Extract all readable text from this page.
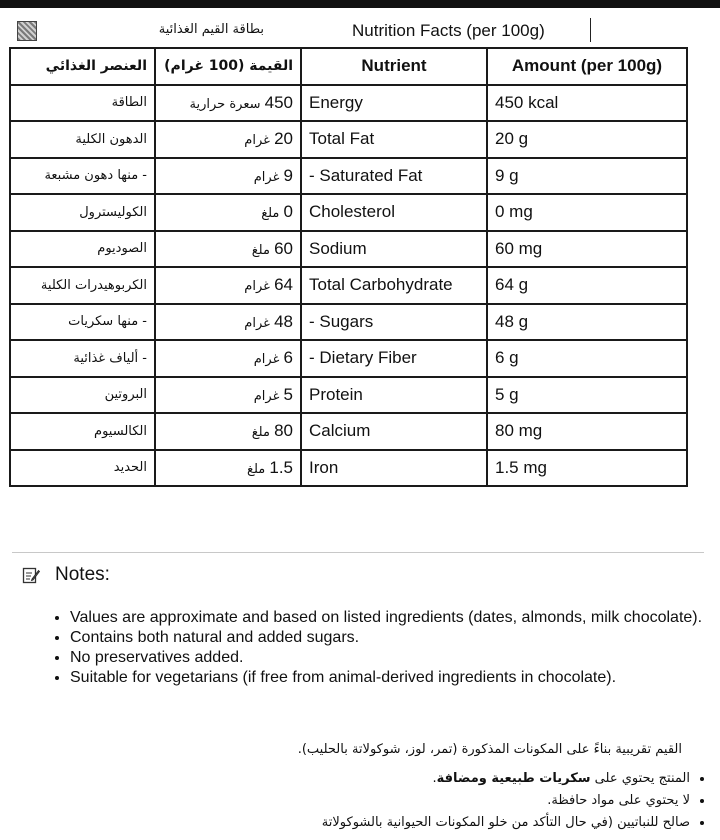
بطاقة القيم الغذائية	Nutrition Facts (per 100g)
العنصر الغذائي	القيمة (100 غرام)	Nutrient	Amount (per 100g)
الطاقة	450 سعرة حرارية	Energy	450 kcal
الدهون الكلية	20 غرام	Total Fat	20 g
- منها دهون مشبعة	9 غرام	- Saturated Fat	9 g
الكوليسترول	0 ملغ	Cholesterol	0 mg
الصوديوم	60 ملغ	Sodium	60 mg
الكربوهيدرات الكلية	64 غرام	Total Carbohydrate	64 g
- منها سكريات	48 غرام	- Sugars	48 g
- ألياف غذائية	6 غرام	- Dietary Fiber	6 g
البروتين	5 غرام	Protein	5 g
الكالسيوم	80 ملغ	Calcium	80 mg
الحديد	1.5 ملغ	Iron	1.5 mg
Notes:
• Values are approximate and based on listed ingredients (dates, almonds, milk chocolate).
• Contains both natural and added sugars.
• No preservatives added.
• Suitable for vegetarians (if free from animal-derived ingredients in chocolate).
القيم تقريبية بناءً على المكونات المذكورة (تمر، لوز، شوكولاتة بالحليب).
• المنتج يحتوي على سكريات طبيعية ومضافة.
• لا يحتوي على مواد حافظة.
• صالح للنباتيين (في حال التأكد من خلو المكونات الحيوانية بالشوكولاتة
